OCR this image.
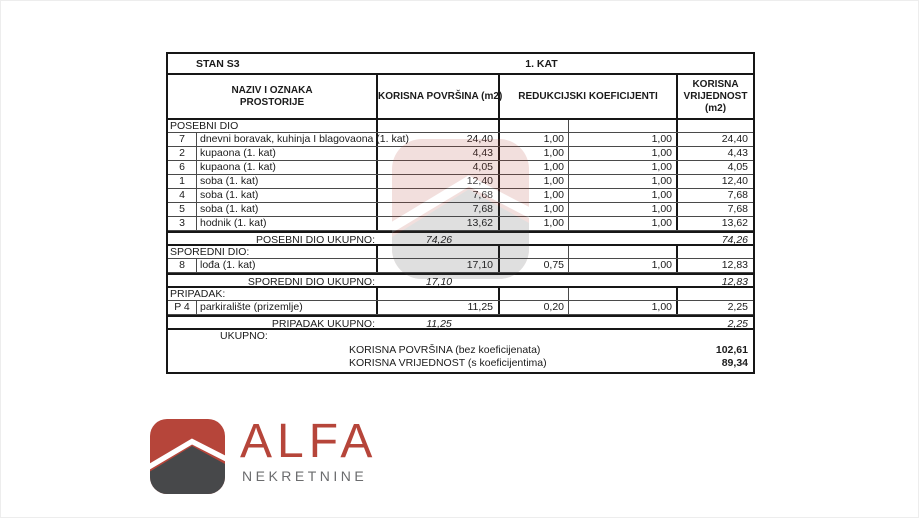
STAN S3	1. KAT
NAZIV I OZNAKA
PROSTORIJE
KORISNA POVRŠINA (m2)	REDUKCIJSKI KOEFICIJENTI
KORISNA
VRIJEDNOST
(m2)
POSEBNI DIO
7	dnevni boravak, kuhinja I blagovaona (1. kat)	24,40	1,00	1,00	24,40
2	kupaona (1. kat)	4,43	1,00	1,00	4,43
6	kupaona (1. kat)	4,05	1,00	1,00	4,05
1	soba (1. kat)	12,40	1,00	1,00	12,40
4	soba (1. kat)	7,68	1,00	1,00	7,68
5	soba (1. kat)	7,68	1,00	1,00	7,68
3	hodnik (1. kat)	13,62	1,00	1,00	13,62
POSEBNI DIO UKUPNO:	74,26	74,26
SPOREDNI DIO:
8	lođa (1. kat)	17,10	0,75	1,00	12,83
SPOREDNI DIO UKUPNO:	17,10	12,83
PRIPADAK:
P 4 parkiralište (prizemlje)	11,25	0,20	1,00	2,25
PRIPADAK UKUPNO:	11,25	2,25
UKUPNO:
KORISNA POVRŠINA (bez koeficijenata)	102,61
KORISNA VRIJEDNOST (s koeficijentima)	89,34
ALFA
NEKRETNINE
